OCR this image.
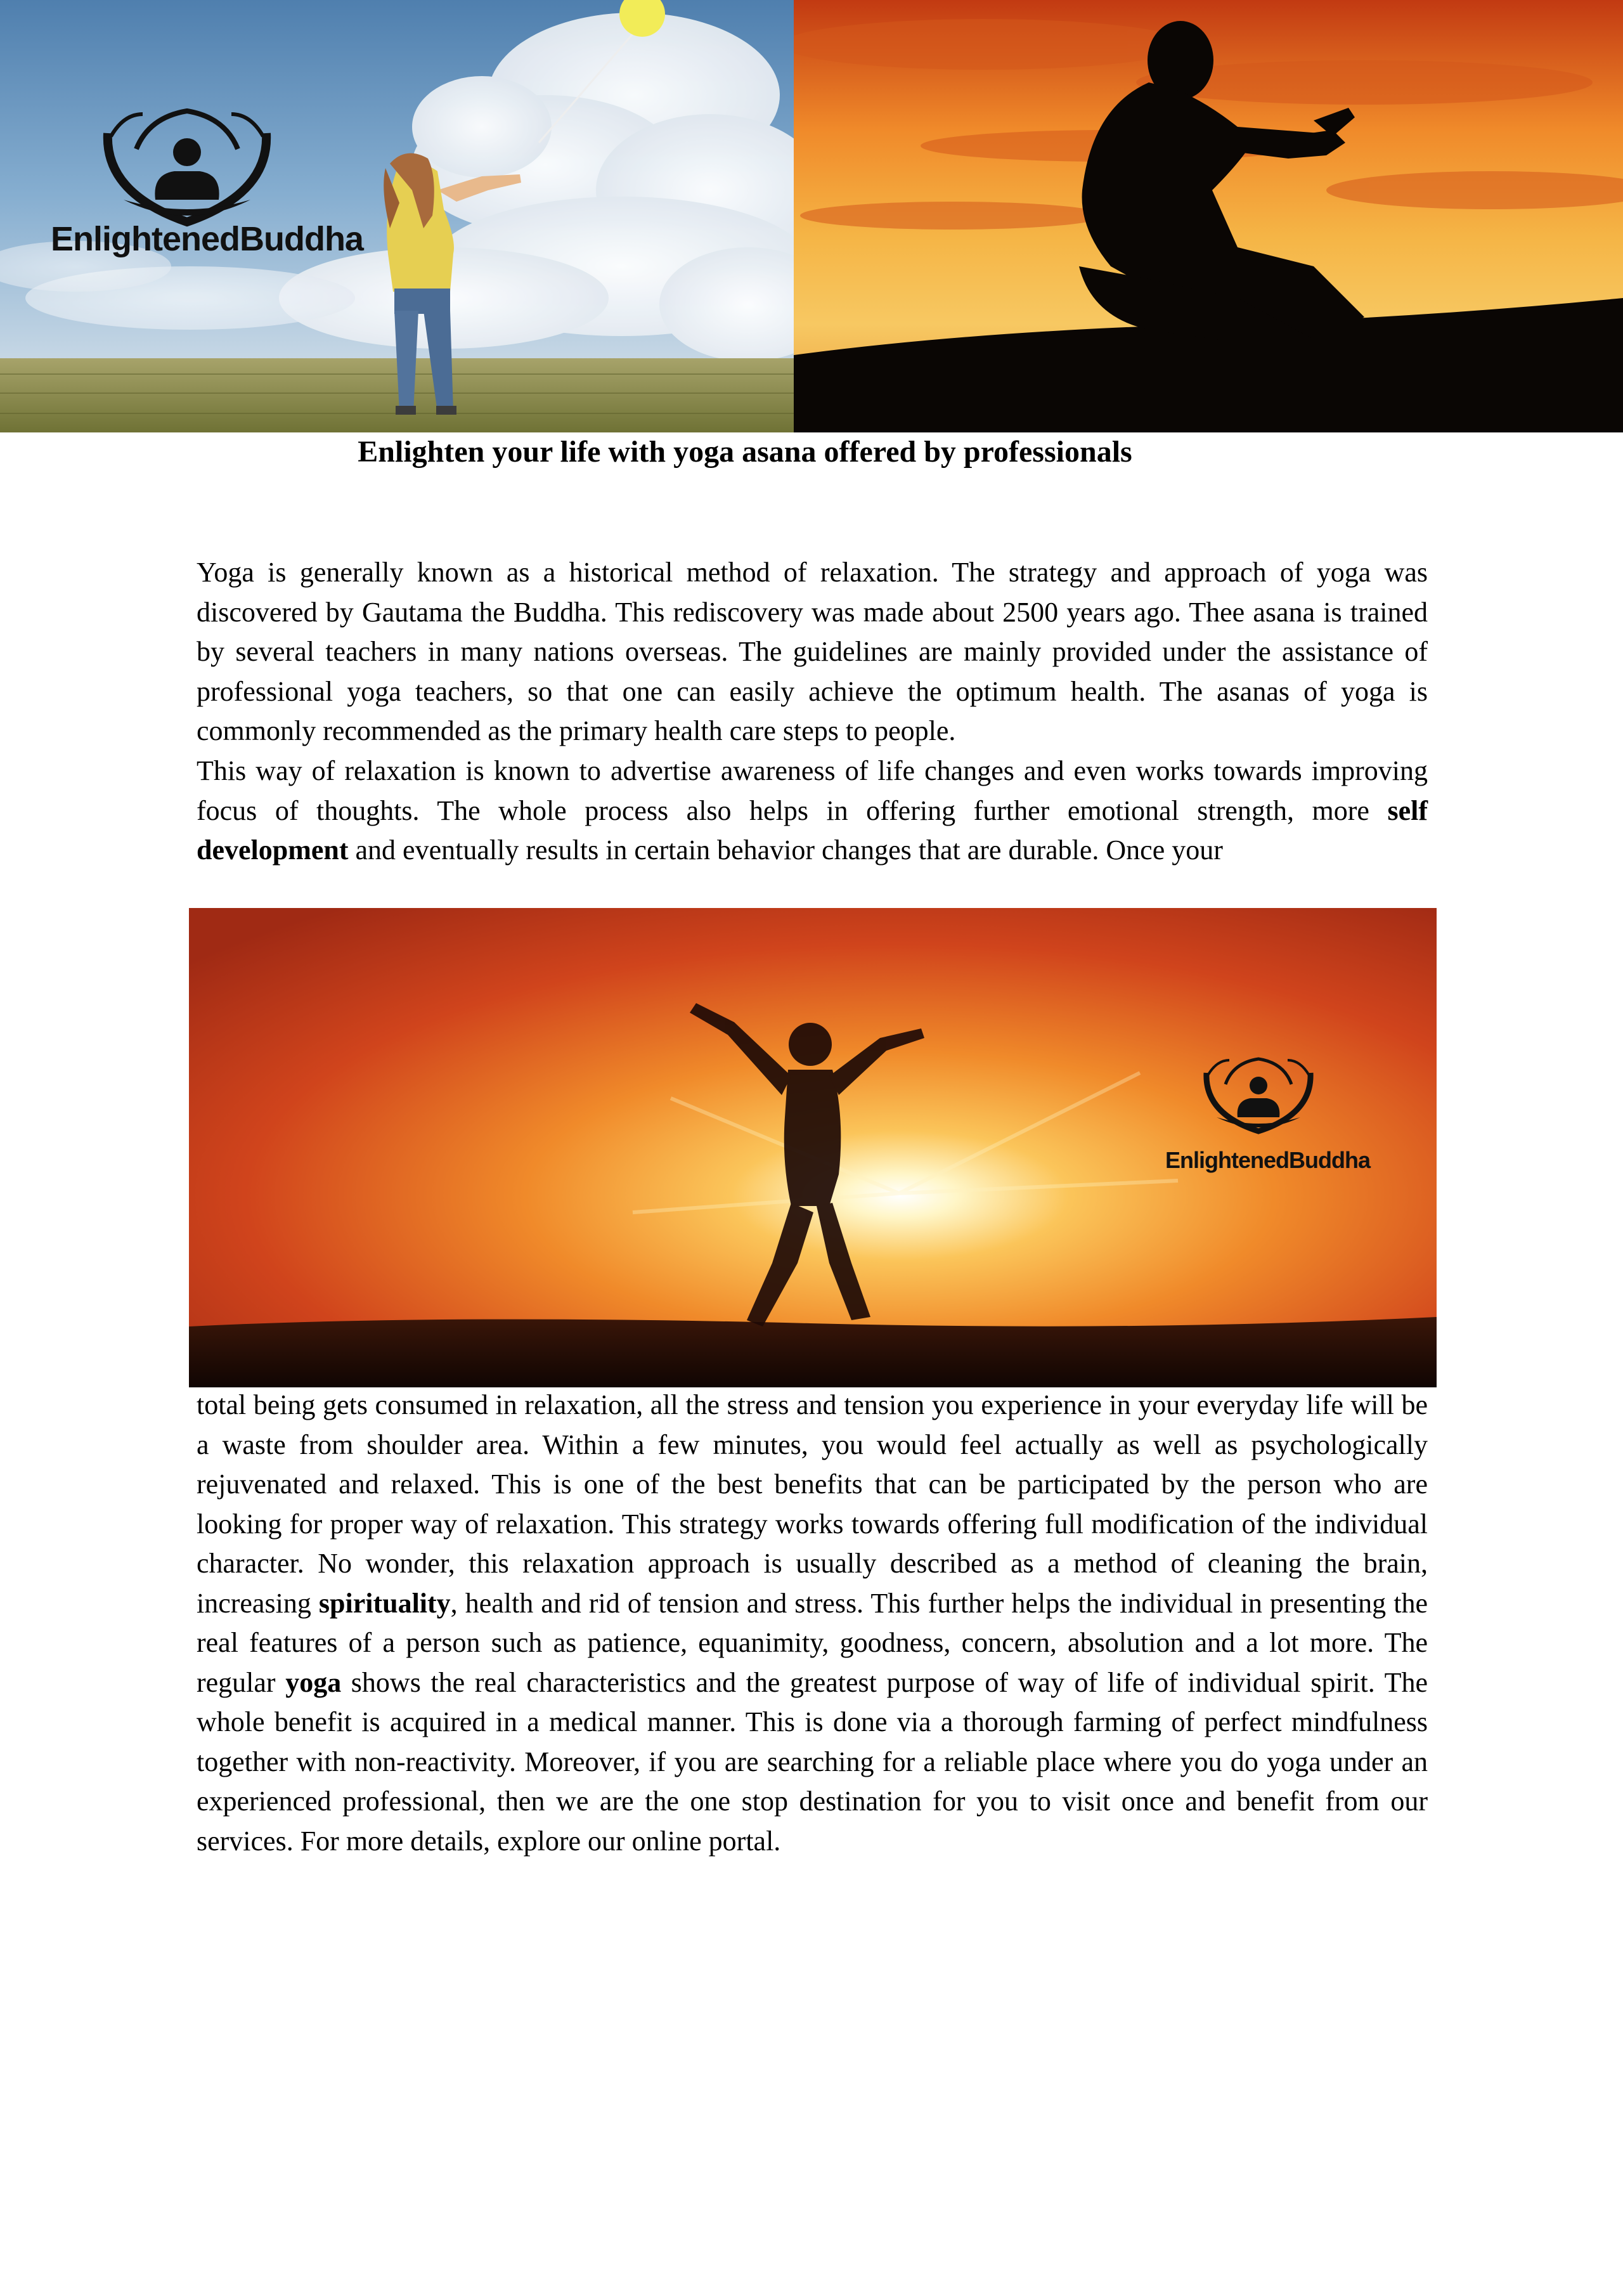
EnlightenedBuddha
Enlighten your life with yoga asana offered by professionals
Yoga is generally known as a historical method of relaxation. The strategy and approach of yoga was discovered by Gautama the Buddha. This rediscovery was made about 2500 years ago. Thee asana is trained by several teachers in many nations overseas. The guidelines are mainly provided under the assistance of professional yoga teachers, so that one can easily achieve the optimum health. The asanas of yoga is commonly recommended as the primary health care steps to people.
This way of relaxation is known to advertise awareness of life changes and even works towards improving focus of thoughts. The whole process also helps in offering further emotional strength, more self development and eventually results in certain behavior changes that are durable. Once your
EnlightenedBuddha
total being gets consumed in relaxation, all the stress and tension you experience in your everyday life will be a waste from shoulder area. Within a few minutes, you would feel actually as well as psychologically rejuvenated and relaxed. This is one of the best benefits that can be participated by the person who are looking for proper way of relaxation. This strategy works towards offering full modification of the individual character. No wonder, this relaxation approach is usually described as a method of cleaning the brain, increasing spirituality, health and rid of tension and stress. This further helps the individual in presenting the real features of a person such as patience, equanimity, goodness, concern, absolution and a lot more. The regular yoga shows the real characteristics and the greatest purpose of way of life of individual spirit. The whole benefit is acquired in a medical manner. This is done via a thorough farming of perfect mindfulness together with non-reactivity. Moreover, if you are searching for a reliable place where you do yoga under an experienced professional, then we are the one stop destination for you to visit once and benefit from our services. For more details, explore our online portal.
